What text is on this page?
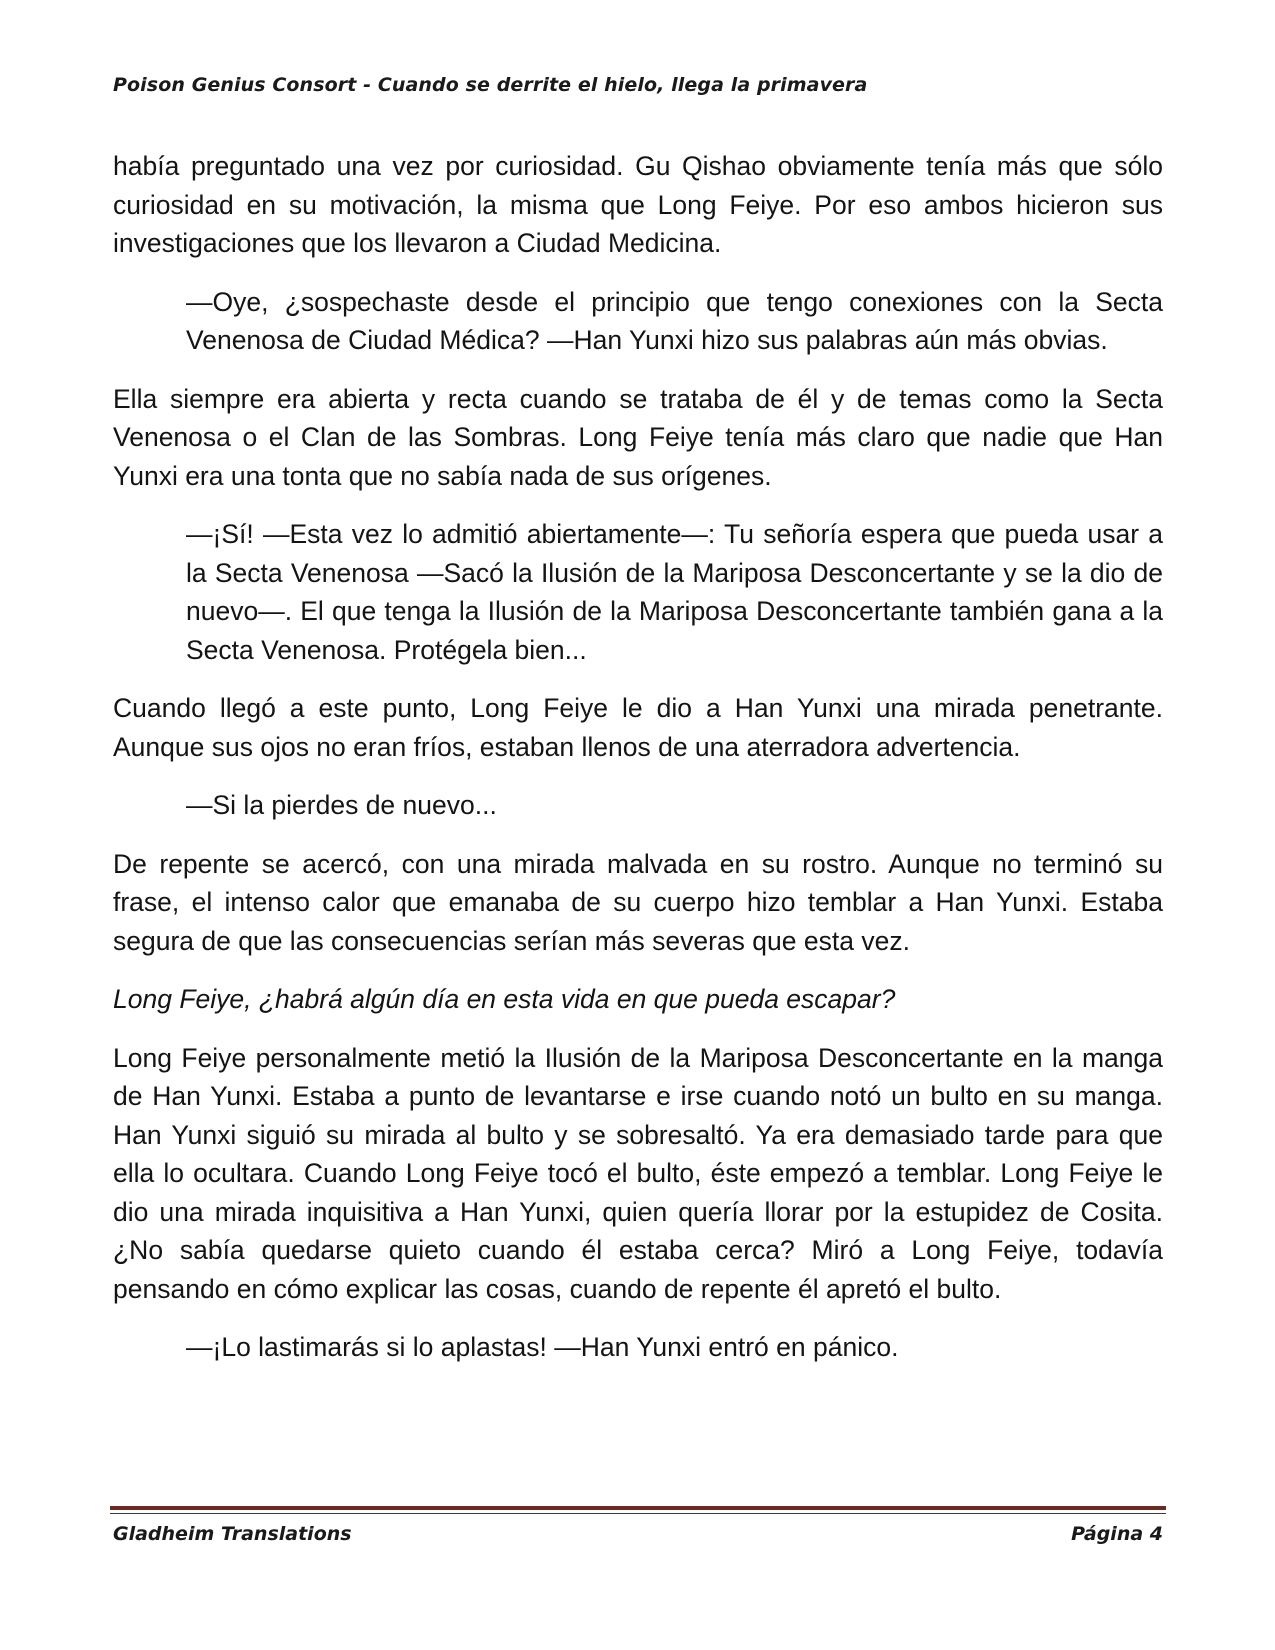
Poison Genius Consort - Cuando se derrite el hielo, llega la primavera

había preguntado una vez por curiosidad. Gu Qishao obviamente tenía más que sólo curiosidad en su motivación, la misma que Long Feiye. Por eso ambos hicieron sus investigaciones que los llevaron a Ciudad Medicina.

—Oye, ¿sospechaste desde el principio que tengo conexiones con la Secta Venenosa de Ciudad Médica? —Han Yunxi hizo sus palabras aún más obvias.

Ella siempre era abierta y recta cuando se trataba de él y de temas como la Secta Venenosa o el Clan de las Sombras. Long Feiye tenía más claro que nadie que Han Yunxi era una tonta que no sabía nada de sus orígenes.

—¡Sí! —Esta vez lo admitió abiertamente—: Tu señoría espera que pueda usar a la Secta Venenosa —Sacó la Ilusión de la Mariposa Desconcertante y se la dio de nuevo—. El que tenga la Ilusión de la Mariposa Desconcertante también gana a la Secta Venenosa. Protégela bien...

Cuando llegó a este punto, Long Feiye le dio a Han Yunxi una mirada penetrante. Aunque sus ojos no eran fríos, estaban llenos de una aterradora advertencia.

—Si la pierdes de nuevo...

De repente se acercó, con una mirada malvada en su rostro. Aunque no terminó su frase, el intenso calor que emanaba de su cuerpo hizo temblar a Han Yunxi. Estaba segura de que las consecuencias serían más severas que esta vez.

Long Feiye, ¿habrá algún día en esta vida en que pueda escapar?

Long Feiye personalmente metió la Ilusión de la Mariposa Desconcertante en la manga de Han Yunxi. Estaba a punto de levantarse e irse cuando notó un bulto en su manga. Han Yunxi siguió su mirada al bulto y se sobresaltó. Ya era demasiado tarde para que ella lo ocultara. Cuando Long Feiye tocó el bulto, éste empezó a temblar. Long Feiye le dio una mirada inquisitiva a Han Yunxi, quien quería llorar por la estupidez de Cosita. ¿No sabía quedarse quieto cuando él estaba cerca? Miró a Long Feiye, todavía pensando en cómo explicar las cosas, cuando de repente él apretó el bulto.

—¡Lo lastimarás si lo aplastas! —Han Yunxi entró en pánico.

Gladheim Translations	Página 4
